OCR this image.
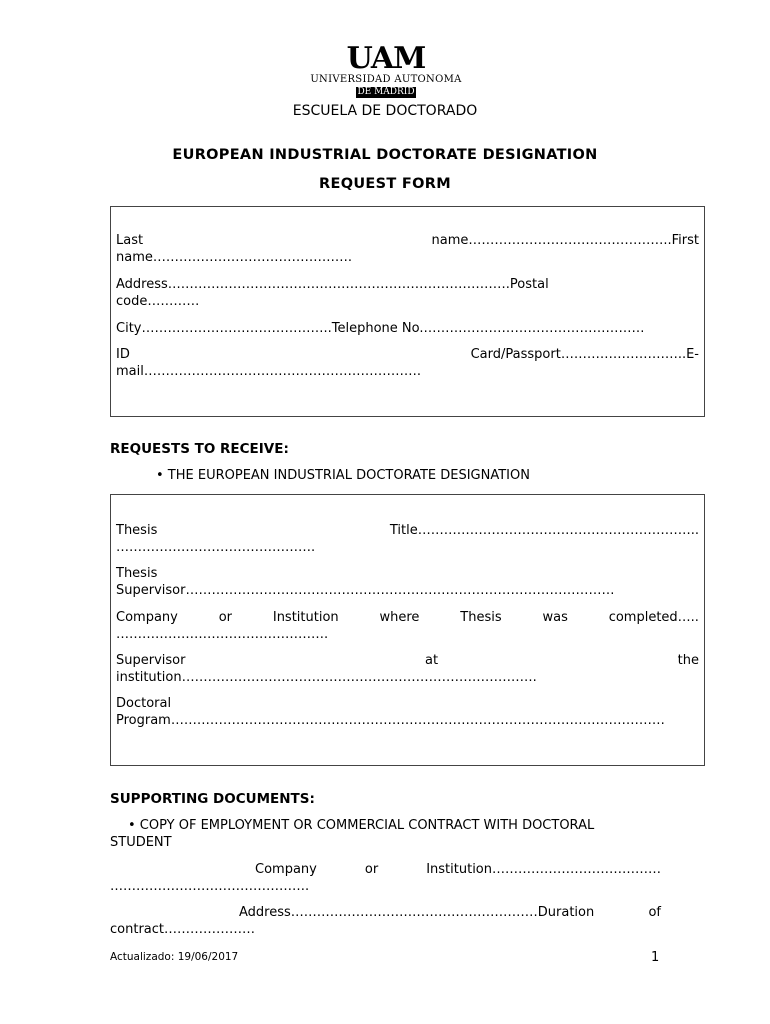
UAM
UNIVERSIDAD AUTONOMA
DE MADRID
ESCUELA DE DOCTORADO
EUROPEAN INDUSTRIAL DOCTORATE DESIGNATION
REQUEST FORM
Last	name………………………………………..First
name……………………………………….
Address…………………………………………………………………….Postal
code…………
City……………………………………..Telephone No.……………………………………………
ID	Card/Passport………………………..E-
mail……………………………………………………….
REQUESTS TO RECEIVE:
• THE EUROPEAN INDUSTRIAL DOCTORATE DESIGNATION
Thesis	Title………………………………………………………..
……………………………………….
Thesis
Supervisor………………………………………………………………………………………
Company	or	Institution	where	Thesis	was	completed…..
………………………………………….
Supervisor	at	the
institution……………………………………………………………………….
Doctoral
Program……………………………………………………………………………………………………
SUPPORTING DOCUMENTS:
• COPY OF EMPLOYMENT OR COMMERCIAL CONTRACT WITH DOCTORAL
STUDENT
Company	or	Institution…………………………………
……………………………………….
Address…………………………………………………Duration	of
contract…………………
Actualizado: 19/06/2017	1
